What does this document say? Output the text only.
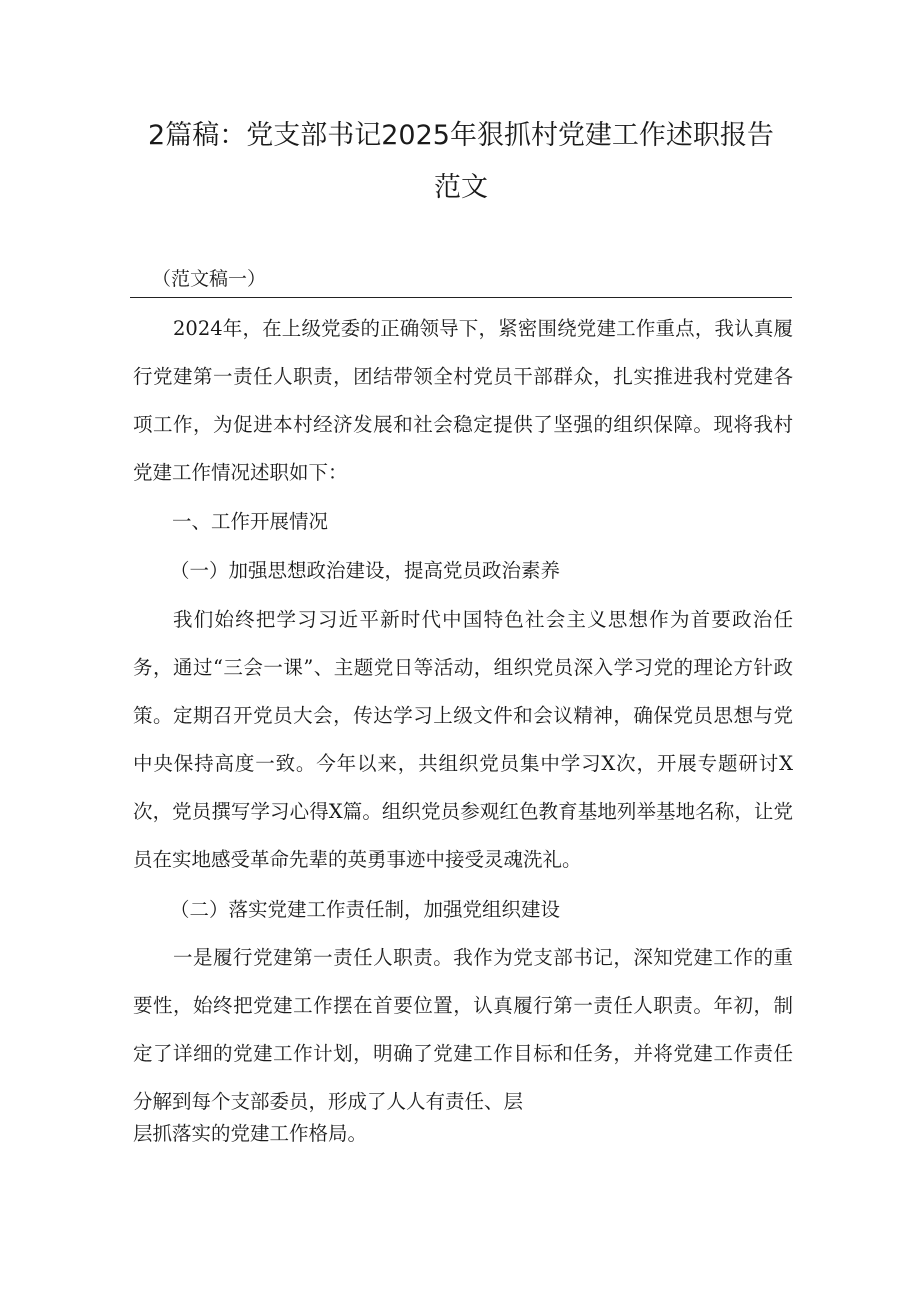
2篇稿：党支部书记2025年狠抓村党建工作述职报告
范文
（范文稿一）

2024年，在上级党委的正确领导下，紧密围绕党建工作重点，我认真履行党建第一责任人职责，团结带领全村党员干部群众，扎实推进我村党建各项工作，为促进本村经济发展和社会稳定提供了坚强的组织保障。现将我村党建工作情况述职如下：

一、工作开展情况

（一）加强思想政治建设，提高党员政治素养

我们始终把学习习近平新时代中国特色社会主义思想作为首要政治任务，通过“三会一课”、主题党日等活动，组织党员深入学习党的理论方针政策。定期召开党员大会，传达学习上级文件和会议精神，确保党员思想与党中央保持高度一致。今年以来，共组织党员集中学习X次，开展专题研讨X次，党员撰写学习心得X篇。组织党员参观红色教育基地列举基地名称，让党员在实地感受革命先辈的英勇事迹中接受灵魂洗礼。

（二）落实党建工作责任制，加强党组织建设

一是履行党建第一责任人职责。我作为党支部书记，深知党建工作的重要性，始终把党建工作摆在首要位置，认真履行第一责任人职责。年初，制定了详细的党建工作计划，明确了党建工作目标和任务，并将党建工作责任分解到每个支部委员，形成了人人有责任、层

层抓落实的党建工作格局。
